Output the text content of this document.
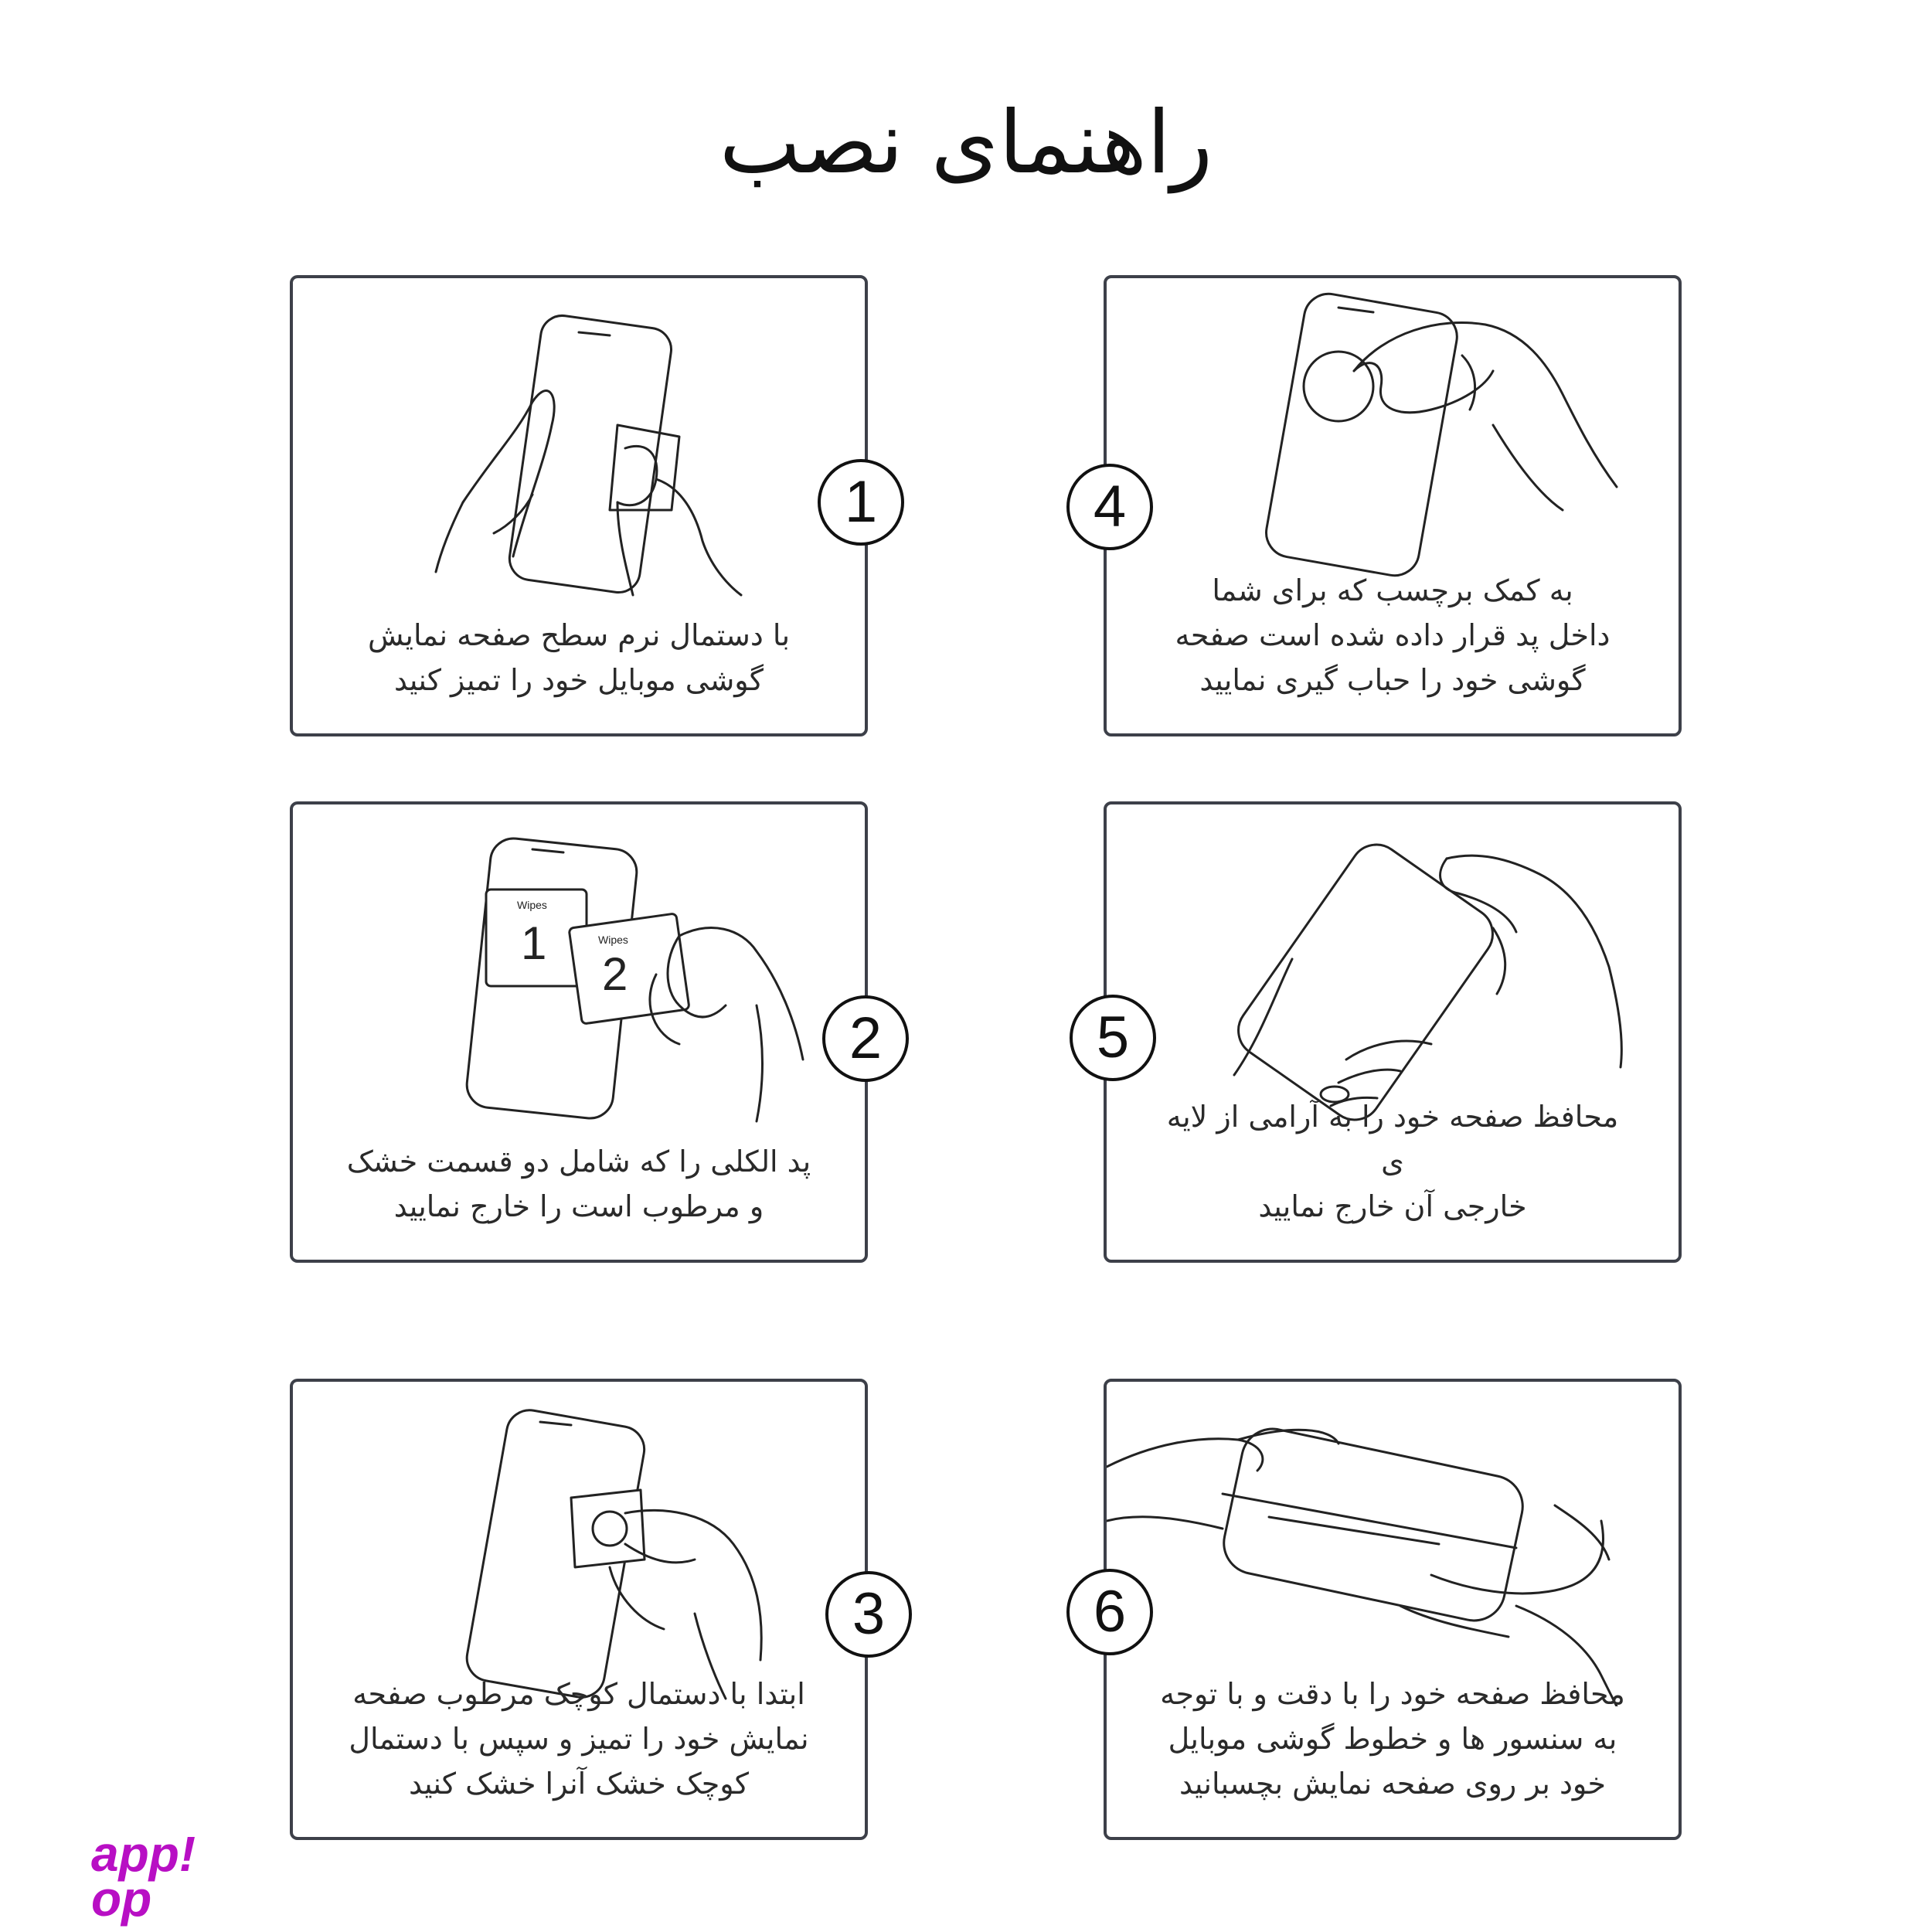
راهنمای نصب
با دستمال نرم سطح صفحه نمایش
گوشی موبایل خود را تمیز کنید
1
Wipes
1	Wipes
2
پد الکلی را که شامل دو قسمت خشک
و مرطوب است را خارج نمایید
2
ابتدا با دستمال کوچک مرطوب صفحه
نمایش خود را تمیز و سپس با دستمال
کوچک خشک آنرا خشک کنید
3
به کمک برچسب که برای شما
داخل پد قرار داده شده است صفحه
گوشی خود را حباب گیری نمایید
4
محافظ صفحه خود را به آرامی از لایه ی
خارجی آن خارج نمایید
5
محافظ صفحه خود را با دقت و با توجه
به سنسور ها و خطوط گوشی موبایل
خود بر روی صفحه نمایش بچسبانید
6
app!
op
